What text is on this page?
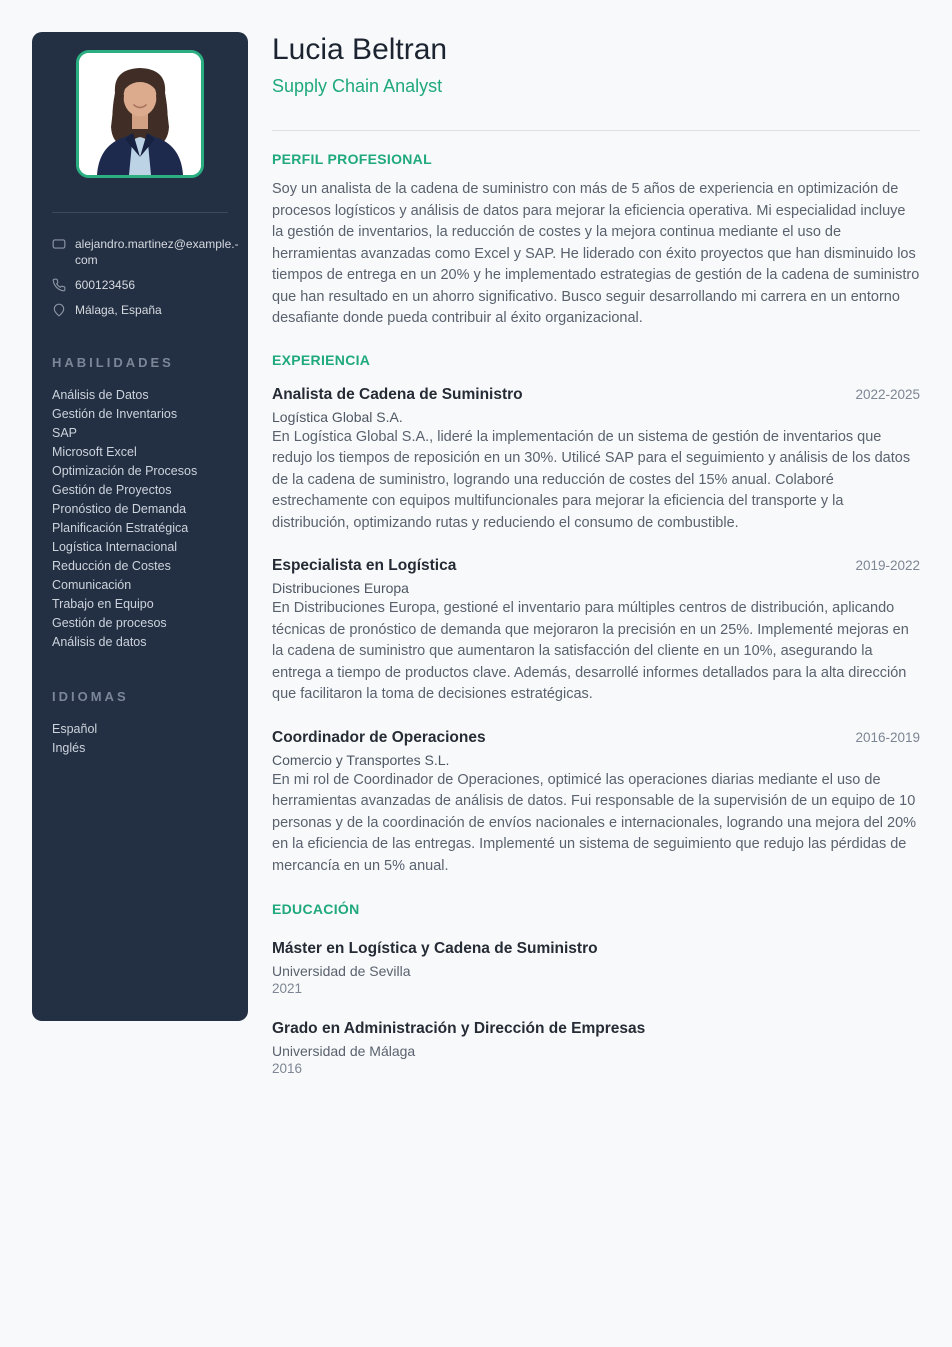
alejandro.martinez@example.-com
600123456
Málaga, España
HABILIDADES
Análisis de Datos
Gestión de Inventarios
SAP
Microsoft Excel
Optimización de Procesos
Gestión de Proyectos
Pronóstico de Demanda
Planificación Estratégica
Logística Internacional
Reducción de Costes
Comunicación
Trabajo en Equipo
Gestión de procesos
Análisis de datos
IDIOMAS
Español
Inglés
Lucia Beltran
Supply Chain Analyst
PERFIL PROFESIONAL

Soy un analista de la cadena de suministro con más de 5 años de experiencia en optimización de procesos logísticos y análisis de datos para mejorar la eficiencia operativa. Mi especialidad incluye la gestión de inventarios, la reducción de costes y la mejora continua mediante el uso de herramientas avanzadas como Excel y SAP. He liderado con éxito proyectos que han disminuido los tiempos de entrega en un 20% y he implementado estrategias de gestión de la cadena de suministro que han resultado en un ahorro significativo. Busco seguir desarrollando mi carrera en un entorno desafiante donde pueda contribuir al éxito organizacional.

EXPERIENCIA
Analista de Cadena de Suministro	2022-2025
Logística Global S.A.
En Logística Global S.A., lideré la implementación de un sistema de gestión de inventarios que redujo los tiempos de reposición en un 30%. Utilicé SAP para el seguimiento y análisis de los datos de la cadena de suministro, logrando una reducción de costes del 15% anual. Colaboré estrechamente con equipos multifuncionales para mejorar la eficiencia del transporte y la distribución, optimizando rutas y reduciendo el consumo de combustible.
Especialista en Logística	2019-2022
Distribuciones Europa
En Distribuciones Europa, gestioné el inventario para múltiples centros de distribución, aplicando técnicas de pronóstico de demanda que mejoraron la precisión en un 25%. Implementé mejoras en la cadena de suministro que aumentaron la satisfacción del cliente en un 10%, asegurando la entrega a tiempo de productos clave. Además, desarrollé informes detallados para la alta dirección que facilitaron la toma de decisiones estratégicas.
Coordinador de Operaciones	2016-2019
Comercio y Transportes S.L.
En mi rol de Coordinador de Operaciones, optimicé las operaciones diarias mediante el uso de herramientas avanzadas de análisis de datos. Fui responsable de la supervisión de un equipo de 10 personas y de la coordinación de envíos nacionales e internacionales, logrando una mejora del 20% en la eficiencia de las entregas. Implementé un sistema de seguimiento que redujo las pérdidas de mercancía en un 5% anual.
EDUCACIÓN
Máster en Logística y Cadena de Suministro
Universidad de Sevilla
2021
Grado en Administración y Dirección de Empresas
Universidad de Málaga
2016
